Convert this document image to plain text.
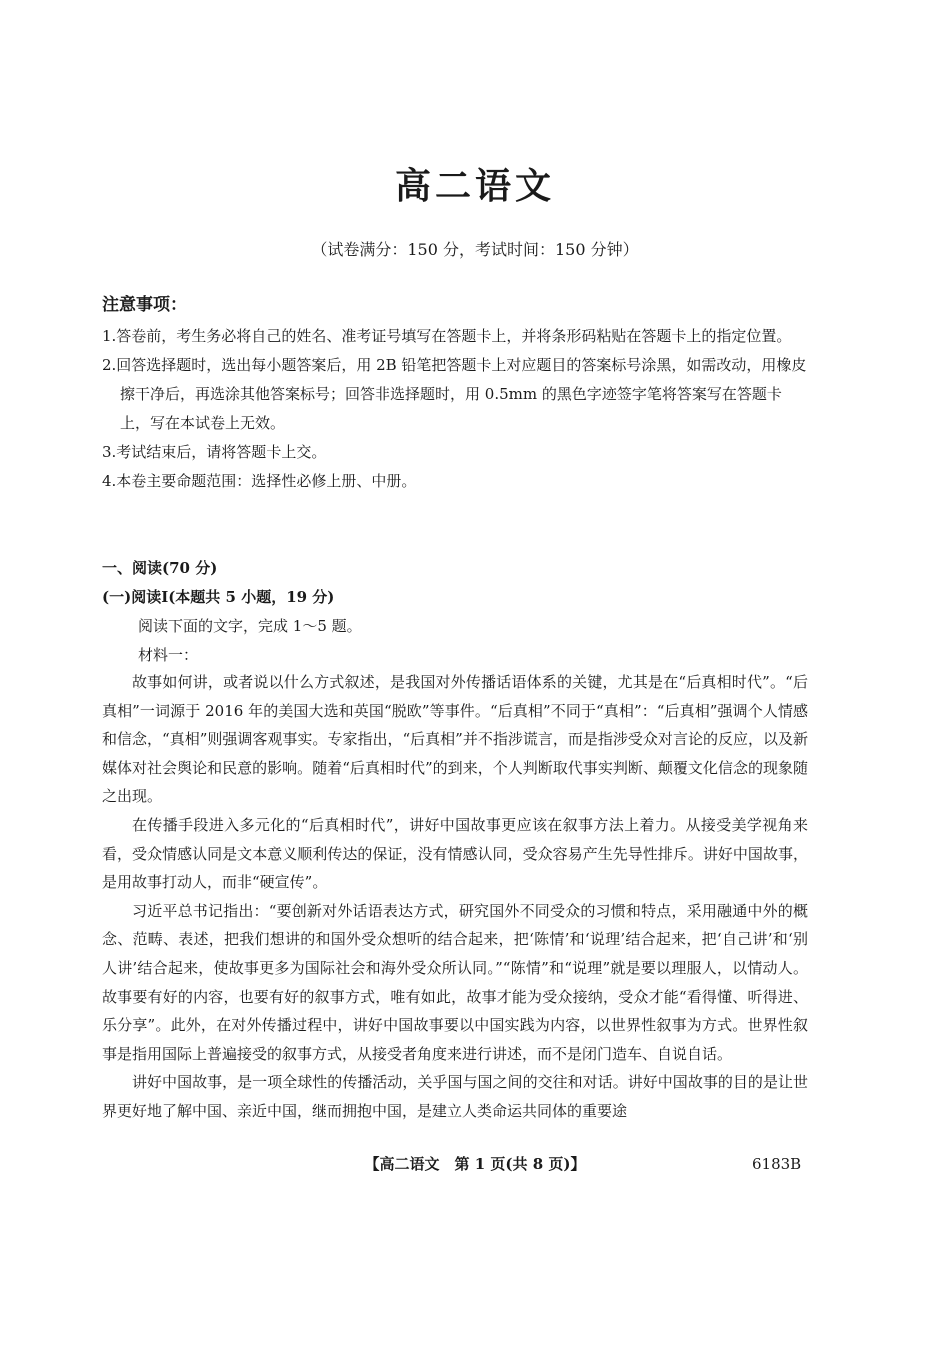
高二语文
（试卷满分：150 分，考试时间：150 分钟）
注意事项：
1.答卷前，考生务必将自己的姓名、准考证号填写在答题卡上，并将条形码粘贴在答题卡上的指定位置。
2.回答选择题时，选出每小题答案后，用 2B 铅笔把答题卡上对应题目的答案标号涂黑，如需改动，用橡皮擦干净后，再选涂其他答案标号；回答非选择题时，用 0.5mm 的黑色字迹签字笔将答案写在答题卡上，写在本试卷上无效。
3.考试结束后，请将答题卡上交。
4.本卷主要命题范围：选择性必修上册、中册。
一、阅读(70 分)
(一)阅读Ⅰ(本题共 5 小题，19 分)
阅读下面的文字，完成 1～5 题。
材料一：

故事如何讲，或者说以什么方式叙述，是我国对外传播话语体系的关键，尤其是在“后真相时代”。“后真相”一词源于 2016 年的美国大选和英国“脱欧”等事件。“后真相”不同于“真相”：“后真相”强调个人情感和信念，“真相”则强调客观事实。专家指出，“后真相”并不指涉谎言，而是指涉受众对言论的反应，以及新媒体对社会舆论和民意的影响。随着“后真相时代”的到来，个人判断取代事实判断、颠覆文化信念的现象随之出现。

在传播手段进入多元化的“后真相时代”，讲好中国故事更应该在叙事方法上着力。从接受美学视角来看，受众情感认同是文本意义顺利传达的保证，没有情感认同，受众容易产生先导性排斥。讲好中国故事，是用故事打动人，而非“硬宣传”。

习近平总书记指出：“要创新对外话语表达方式，研究国外不同受众的习惯和特点，采用融通中外的概念、范畴、表述，把我们想讲的和国外受众想听的结合起来，把‘陈情’和‘说理’结合起来，把‘自己讲’和‘别人讲’结合起来，使故事更多为国际社会和海外受众所认同。”“陈情”和“说理”就是要以理服人，以情动人。故事要有好的内容，也要有好的叙事方式，唯有如此，故事才能为受众接纳，受众才能“看得懂、听得进、乐分享”。此外，在对外传播过程中，讲好中国故事要以中国实践为内容，以世界性叙事为方式。世界性叙事是指用国际上普遍接受的叙事方式，从接受者角度来进行讲述，而不是闭门造车、自说自话。

讲好中国故事，是一项全球性的传播活动，关乎国与国之间的交往和对话。讲好中国故事的目的是让世界更好地了解中国、亲近中国，继而拥抱中国，是建立人类命运共同体的重要途

【高二语文　第 1 页(共 8 页)】	6183B
